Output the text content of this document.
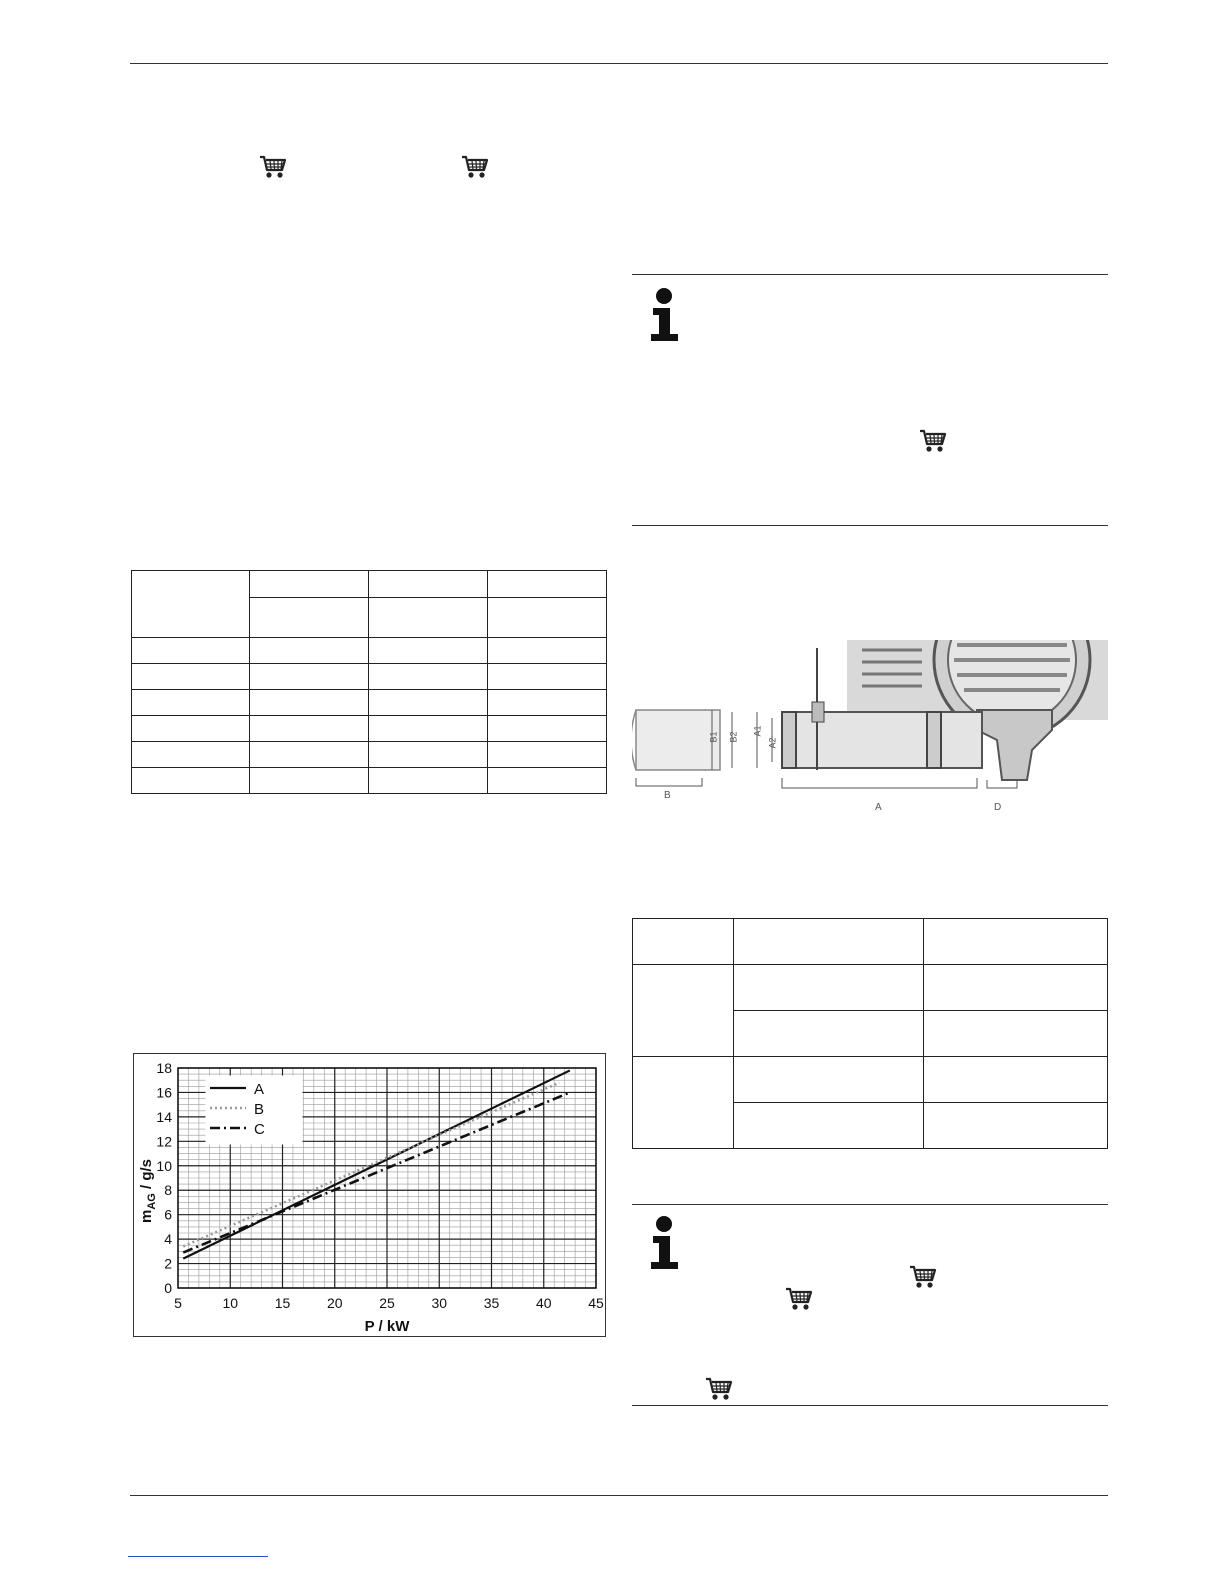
B1 B2
A1
A2
B
A	D

5	10	15	20	25	30	35	40	45
0
2
4
6
8
10
12
14
16
18
P / kW
$m_{AG} / g/s$
A
B
C
